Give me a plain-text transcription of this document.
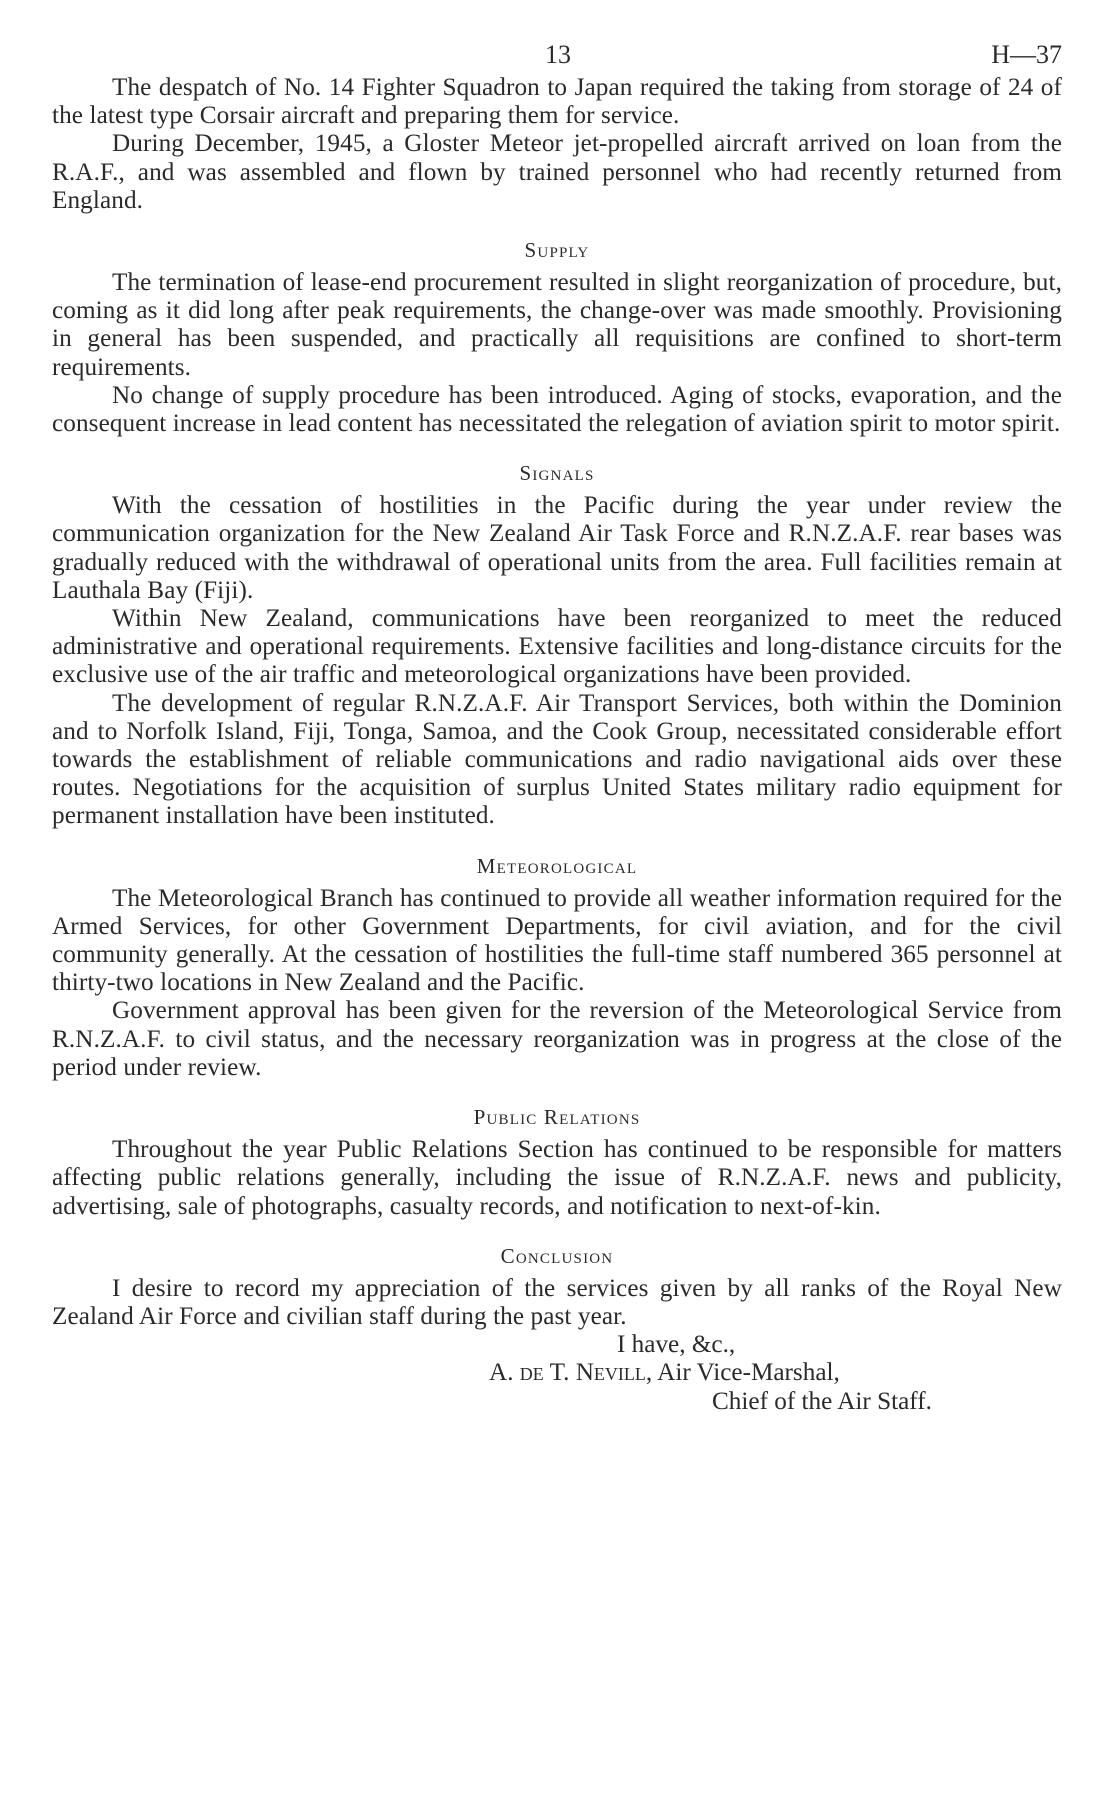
13	H—37

The despatch of No. 14 Fighter Squadron to Japan required the taking from storage of 24 of the latest type Corsair aircraft and preparing them for service.

During December, 1945, a Gloster Meteor jet-propelled aircraft arrived on loan from the R.A.F., and was assembled and flown by trained personnel who had recently returned from England.

Supply

The termination of lease-end procurement resulted in slight reorganization of procedure, but, coming as it did long after peak requirements, the change-over was made smoothly. Provisioning in general has been suspended, and practically all requisitions are confined to short-term requirements.

No change of supply procedure has been introduced. Aging of stocks, evaporation, and the consequent increase in lead content has necessitated the relegation of aviation spirit to motor spirit.

Signals

With the cessation of hostilities in the Pacific during the year under review the communication organization for the New Zealand Air Task Force and R.N.Z.A.F. rear bases was gradually reduced with the withdrawal of operational units from the area. Full facilities remain at Lauthala Bay (Fiji).

Within New Zealand, communications have been reorganized to meet the reduced administrative and operational requirements. Extensive facilities and long-distance circuits for the exclusive use of the air traffic and meteorological organizations have been provided.

The development of regular R.N.Z.A.F. Air Transport Services, both within the Dominion and to Norfolk Island, Fiji, Tonga, Samoa, and the Cook Group, necessitated considerable effort towards the establishment of reliable communications and radio navigational aids over these routes. Negotiations for the acquisition of surplus United States military radio equipment for permanent installation have been instituted.

Meteorological

The Meteorological Branch has continued to provide all weather information required for the Armed Services, for other Government Departments, for civil aviation, and for the civil community generally. At the cessation of hostilities the full-time staff numbered 365 personnel at thirty-two locations in New Zealand and the Pacific.

Government approval has been given for the reversion of the Meteorological Service from R.N.Z.A.F. to civil status, and the necessary reorganization was in progress at the close of the period under review.

Public Relations

Throughout the year Public Relations Section has continued to be responsible for matters affecting public relations generally, including the issue of R.N.Z.A.F. news and publicity, advertising, sale of photographs, casualty records, and notification to next-of-kin.

Conclusion

I desire to record my appreciation of the services given by all ranks of the Royal New Zealand Air Force and civilian staff during the past year.

I have, &c.,
A. de T. Nevill, Air Vice-Marshal,
Chief of the Air Staff.
